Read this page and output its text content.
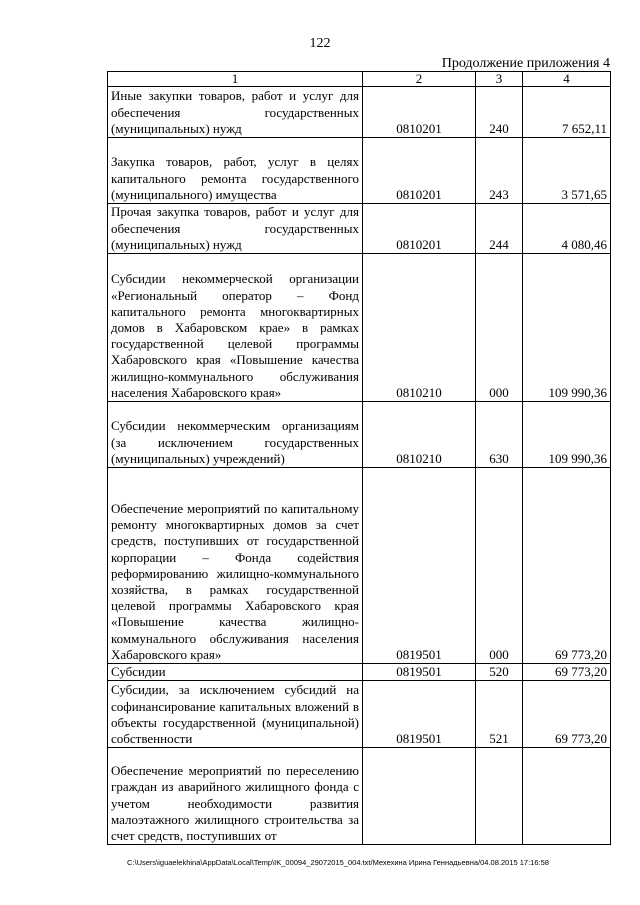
122
Продолжение приложения 4
1	2	3	4
Иные закупки товаров, работ и услуг для обеспечения государственных (муниципальных) нужд	0810201	240	7 652,11
Закупка товаров, работ, услуг в целях капитального ремонта государственного (муниципального) имущества	0810201	243	3 571,65
Прочая закупка товаров, работ и услуг для обеспечения государственных (муниципальных) нужд	0810201	244	4 080,46
Субсидии некоммерческой организации «Региональный оператор – Фонд капитального ремонта многоквартирных домов в Хабаровском крае» в рамках государственной целевой программы Хабаровского края «Повышение качества жилищно-коммунального обслуживания населения Хабаровского края»	0810210	000	109 990,36
Субсидии некоммерческим организациям (за исключением государственных (муниципальных) учреждений)	0810210	630	109 990,36
Обеспечение мероприятий по капитальному ремонту многоквартирных домов за счет средств, поступивших от государственной корпорации – Фонда содействия реформированию жилищно-коммунального хозяйства, в рамках государственной целевой программы Хабаровского края «Повышение качества жилищно-коммунального обслуживания населения Хабаровского края»	0819501	000	69 773,20
Субсидии	0819501	520	69 773,20
Субсидии, за исключением субсидий на софинансирование капитальных вложений в объекты государственной (муниципальной) собственности	0819501	521	69 773,20
Обеспечение мероприятий по переселению граждан из аварийного жилищного фонда с учетом необходимости развития малоэтажного жилищного строительства за счет средств, поступивших от			
C:\Users\iguaelekhina\AppData\Local\Temp\IK_00094_29072015_004.txt/Мехехина Ирина Геннадьевна/04.08.2015 17:16:58
